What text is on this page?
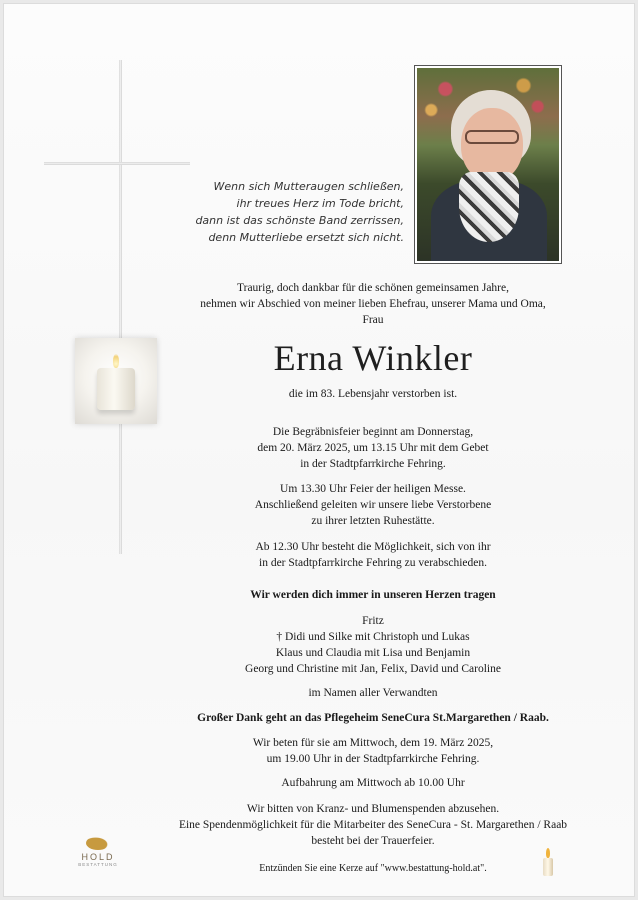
Wenn sich Mutteraugen schließen,
ihr treues Herz im Tode bricht,
dann ist das schönste Band zerrissen,
denn Mutterliebe ersetzt sich nicht.

Traurig, doch dankbar für die schönen gemeinsamen Jahre,

nehmen wir Abschied von meiner lieben Ehefrau, unserer Mama und Oma,

Frau

Erna Winkler

die im 83. Lebensjahr verstorben ist.

Die Begräbnisfeier beginnt am Donnerstag,

dem 20. März 2025, um 13.15 Uhr mit dem Gebet

in der Stadtpfarrkirche Fehring.

Um 13.30 Uhr Feier der heiligen Messe.

Anschließend geleiten wir unsere liebe Verstorbene

zu ihrer letzten Ruhestätte.

Ab 12.30 Uhr besteht die Möglichkeit, sich von ihr

in der Stadtpfarrkirche Fehring zu verabschieden.

Wir werden dich immer in unseren Herzen tragen

Fritz

† Didi und Silke mit Christoph und Lukas

Klaus und Claudia mit Lisa und Benjamin

Georg und Christine mit Jan, Felix, David und Caroline

im Namen aller Verwandten

Großer Dank geht an das Pflegeheim SeneCura St.Margarethen / Raab.

Wir beten für sie am Mittwoch, dem 19. März 2025,

um 19.00 Uhr in der Stadtpfarrkirche Fehring.

Aufbahrung am Mittwoch ab 10.00 Uhr

Wir bitten von Kranz- und Blumenspenden abzusehen.

Eine Spendenmöglichkeit für die Mitarbeiter des SeneCura - St. Margarethen / Raab

besteht bei der Trauerfeier.

Entzünden Sie eine Kerze auf "www.bestattung-hold.at".

HOLD
BESTATTUNG
